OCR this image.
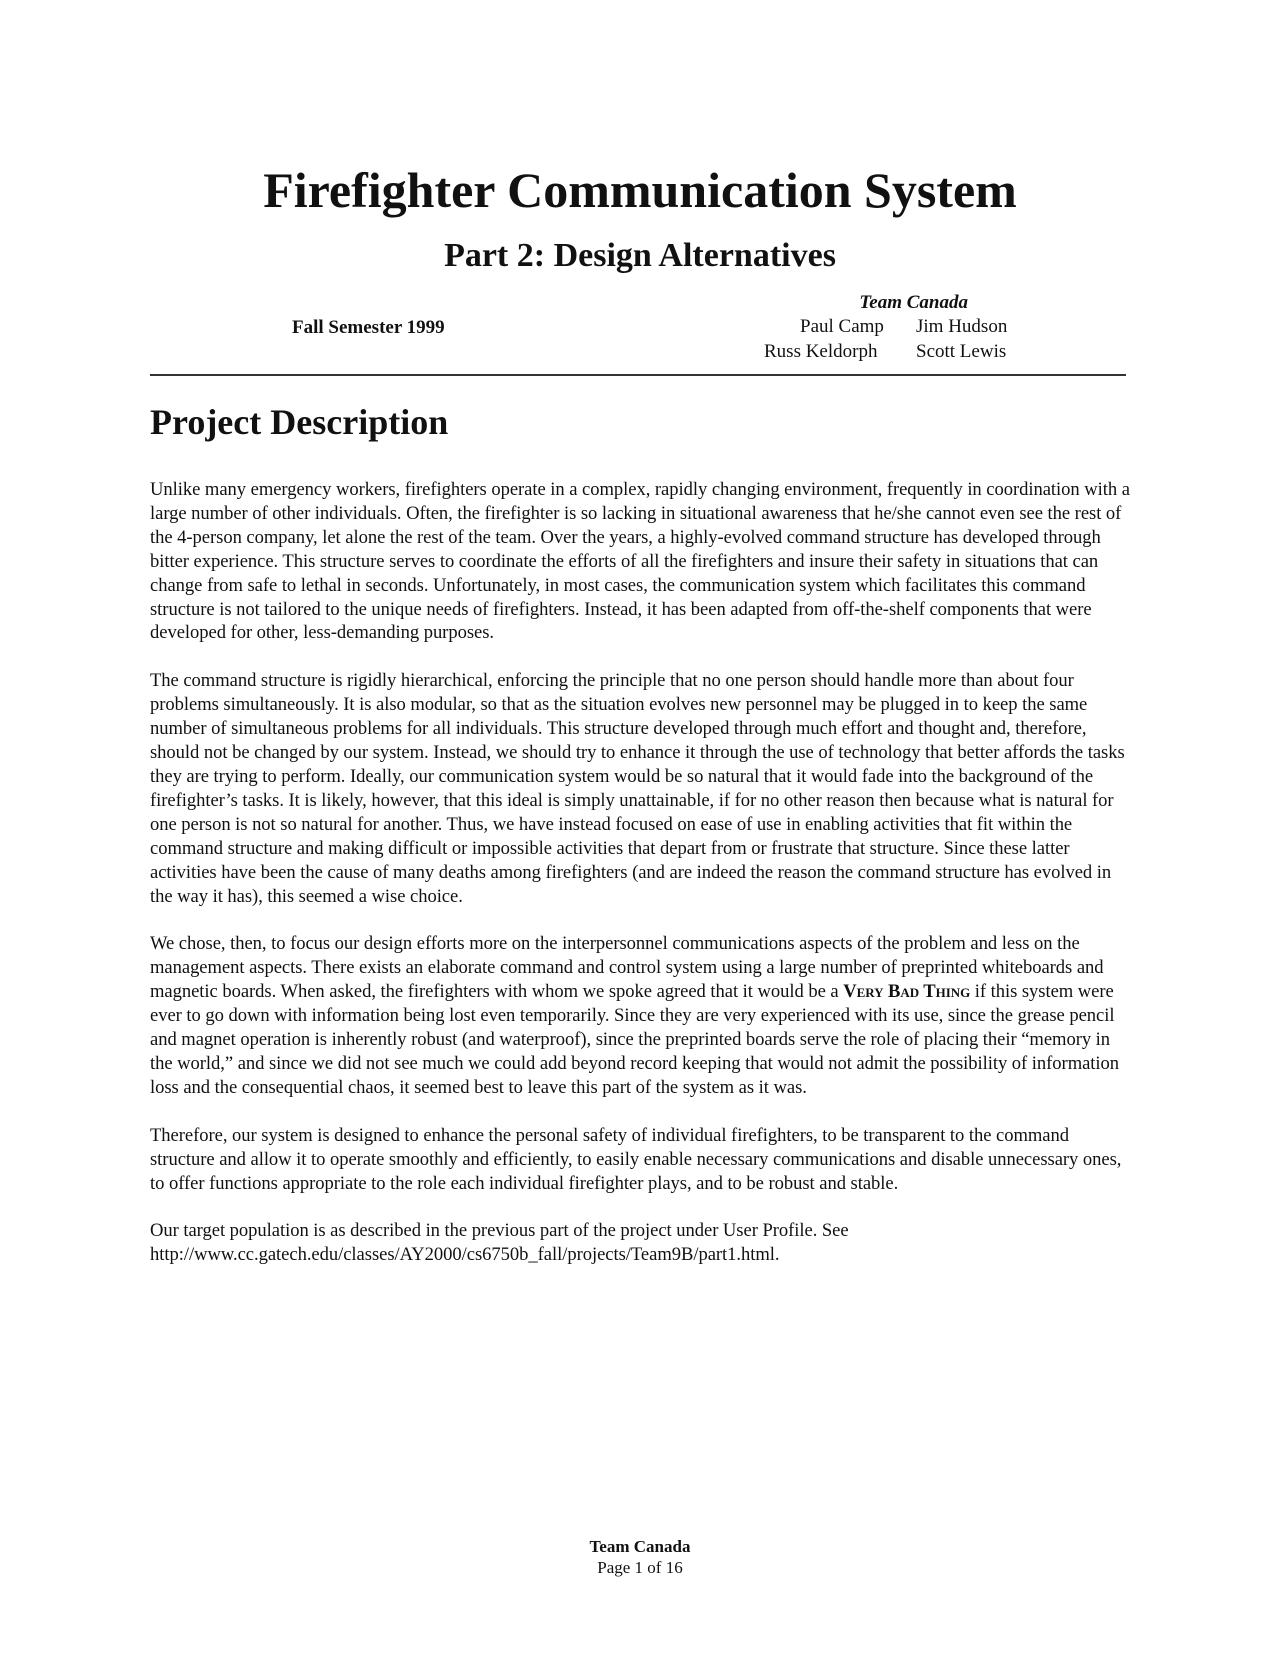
Firefighter Communication System
Part 2: Design Alternatives
Fall Semester 1999
Team Canada
Paul Camp Jim Hudson
Russ Keldorph Scott Lewis
Project Description

Unlike many emergency workers, firefighters operate in a complex, rapidly changing environment, frequently in coordination with a large number of other individuals. Often, the firefighter is so lacking in situational awareness that he/she cannot even see the rest of the 4-person company, let alone the rest of the team. Over the years, a highly-evolved command structure has developed through bitter experience. This structure serves to coordinate the efforts of all the firefighters and insure their safety in situations that can change from safe to lethal in seconds. Unfortunately, in most cases, the communication system which facilitates this command structure is not tailored to the unique needs of firefighters. Instead, it has been adapted from off-the-shelf components that were developed for other, less-demanding purposes.

The command structure is rigidly hierarchical, enforcing the principle that no one person should handle more than about four problems simultaneously. It is also modular, so that as the situation evolves new personnel may be plugged in to keep the same number of simultaneous problems for all individuals. This structure developed through much effort and thought and, therefore, should not be changed by our system. Instead, we should try to enhance it through the use of technology that better affords the tasks they are trying to perform. Ideally, our communication system would be so natural that it would fade into the background of the firefighter’s tasks. It is likely, however, that this ideal is simply unattainable, if for no other reason then because what is natural for one person is not so natural for another. Thus, we have instead focused on ease of use in enabling activities that fit within the command structure and making difficult or impossible activities that depart from or frustrate that structure. Since these latter activities have been the cause of many deaths among firefighters (and are indeed the reason the command structure has evolved in the way it has), this seemed a wise choice.

We chose, then, to focus our design efforts more on the interpersonnel communications aspects of the problem and less on the management aspects. There exists an elaborate command and control system using a large number of preprinted whiteboards and magnetic boards. When asked, the firefighters with whom we spoke agreed that it would be a Very Bad Thing if this system were ever to go down with information being lost even temporarily. Since they are very experienced with its use, since the grease pencil and magnet operation is inherently robust (and waterproof), since the preprinted boards serve the role of placing their “memory in the world,” and since we did not see much we could add beyond record keeping that would not admit the possibility of information loss and the consequential chaos, it seemed best to leave this part of the system as it was.

Therefore, our system is designed to enhance the personal safety of individual firefighters, to be transparent to the command structure and allow it to operate smoothly and efficiently, to easily enable necessary communications and disable unnecessary ones, to offer functions appropriate to the role each individual firefighter plays, and to be robust and stable.

Our target population is as described in the previous part of the project under User Profile. See
http://www.cc.gatech.edu/classes/AY2000/cs6750b_fall/projects/Team9B/part1.html.

Team Canada
Page 1 of 16
